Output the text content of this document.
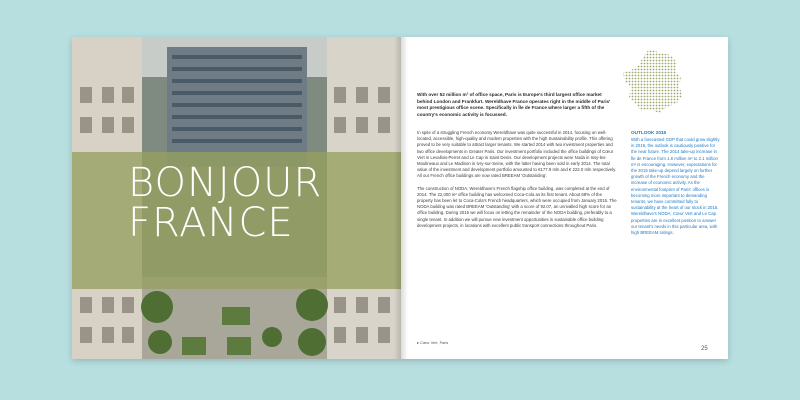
BONJOUR
FRANCE
With over 52 million m² of office space, Paris is Europe's third largest office market behind London and Frankfurt. Wereldhave France operates right in the middle of Paris' most prestigious office scene. Specifically in Île de France where larger a fifth of the country's economic activity is focussed.

In spite of a struggling French economy Wereldhave was quite successful in 2014, focusing on well-located, accessible, high-quality and modern properties with the high Sustainability profile. This offering proved to be very suitable to attract larger tenants. We started 2014 with two investment properties and two office developments in Greater Paris. Our investment portfolio included the office buildings of Cœur Vert in Levallois-Perret and Le Cap in Saint Denis. Our development projects were Noda in Issy-les-Moulineaux and Le Madison in Ivry-sur-Seine, with the latter having been sold in early 2014. The total value of the investment and development portfolio amounted to €177.9 mln and € 222.0 mln respectively. All our French office buildings are now rated BREEAM 'Outstanding'.

The construction of NODA, Wereldhave's French flagship office building, was completed at the end of 2014. The 22,000 m² office building has welcomed Coca-Cola as its first tenant. About 68% of the property has been let to Coca-Cola's French headquarters, which were occupied from January 2015. The NODA building was rated BREEAM 'Outstanding' with a score of 92.07, an unrivalled high score for an office building. During 2015 we will focus on letting the remainder of the NODA building, preferably to a single tenant. In addition we will pursue new investment opportunities in sustainable office building development projects, in locations with excellent public transport connections throughout Paris.

OUTLOOK 2015
With a forecasted GDP that could grow slightly in 2015, the outlook is cautiously positive for the near future. The 2014 take-up increase in Île de France from 1.8 million m² to 2.1 million m² is encouraging. However, expectations for the 2015 take-up depend largely on further growth of the French economy and the increase of economic activity. As the environmental footprint of Paris' offices is becoming more important to demanding tenants, we have committed fully to sustainability at the heart of our stock in 2015. Wereldhave's NODA, Cœur Vert and Le Cap properties are in excellent position to answer our tenant's needs in this particular area, with high BREEAM ratings.
▸ Cœur Vert, Paris
25
